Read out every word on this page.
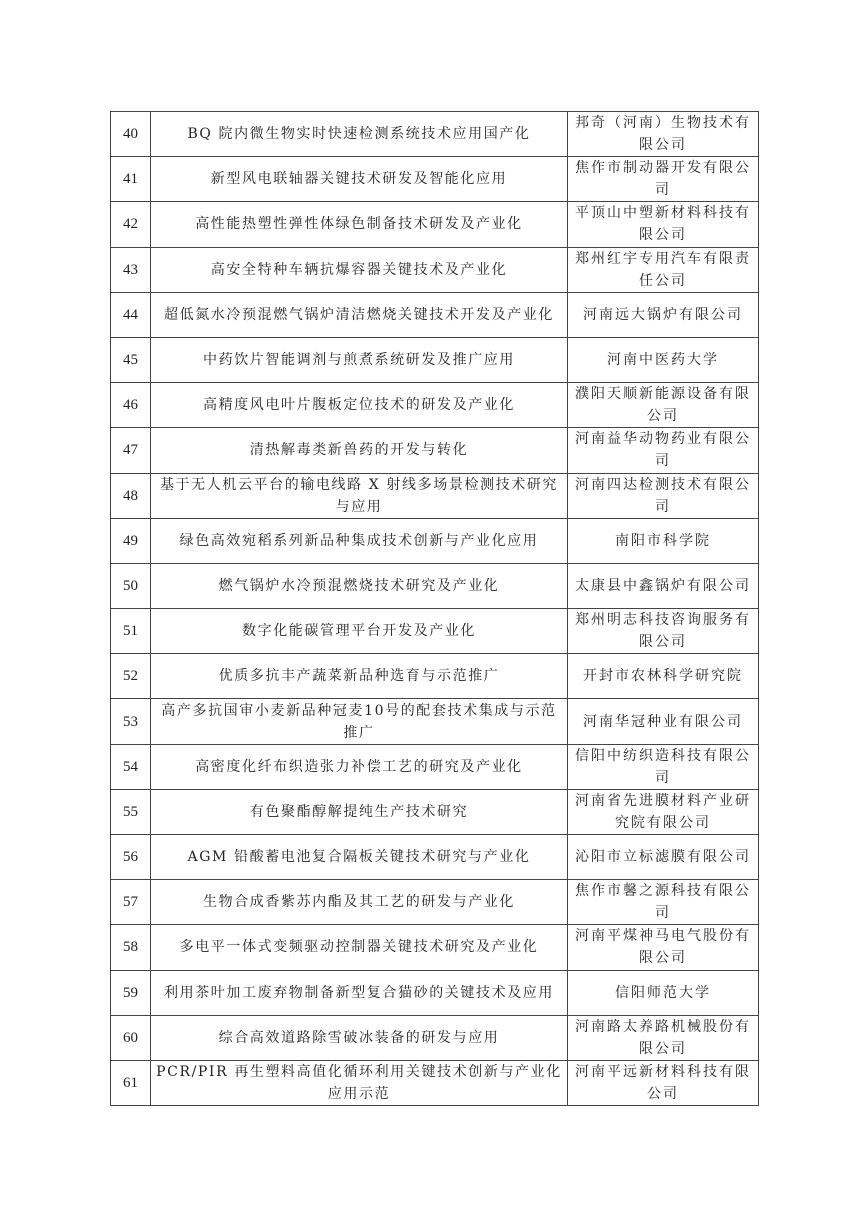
40	BQ 院内微生物实时快速检测系统技术应用国产化	邦奇（河南）生物技术有
限公司
41	新型风电联轴器关键技术研发及智能化应用	焦作市制动器开发有限公
司
42	高性能热塑性弹性体绿色制备技术研发及产业化	平顶山中塑新材料科技有
限公司
43	高安全特种车辆抗爆容器关键技术及产业化	郑州红宇专用汽车有限责
任公司
44	超低氮水冷预混燃气锅炉清洁燃烧关键技术开发及产业化	河南远大锅炉有限公司
45	中药饮片智能调剂与煎煮系统研发及推广应用	河南中医药大学
46	高精度风电叶片腹板定位技术的研发及产业化	濮阳天顺新能源设备有限
公司
47	清热解毒类新兽药的开发与转化	河南益华动物药业有限公
司
48	基于无人机云平台的输电线路 X 射线多场景检测技术研究
与应用	河南四达检测技术有限公
司
49	绿色高效宛稻系列新品种集成技术创新与产业化应用	南阳市科学院
50	燃气锅炉水冷预混燃烧技术研究及产业化	太康县中鑫锅炉有限公司
51	数字化能碳管理平台开发及产业化	郑州明志科技咨询服务有
限公司
52	优质多抗丰产蔬菜新品种选育与示范推广	开封市农林科学研究院
53	高产多抗国审小麦新品种冠麦10号的配套技术集成与示范
推广	河南华冠种业有限公司
54	高密度化纤布织造张力补偿工艺的研究及产业化	信阳中纺织造科技有限公
司
55	有色聚酯醇解提纯生产技术研究	河南省先进膜材料产业研
究院有限公司
56	AGM 铅酸蓄电池复合隔板关键技术研究与产业化	沁阳市立标滤膜有限公司
57	生物合成香紫苏内酯及其工艺的研发与产业化	焦作市馨之源科技有限公
司
58	多电平一体式变频驱动控制器关键技术研究及产业化	河南平煤神马电气股份有
限公司
59	利用茶叶加工废弃物制备新型复合猫砂的关键技术及应用	信阳师范大学
60	综合高效道路除雪破冰装备的研发与应用	河南路太养路机械股份有
限公司
61	PCR/PIR 再生塑料高值化循环利用关键技术创新与产业化
应用示范	河南平远新材料科技有限
公司
